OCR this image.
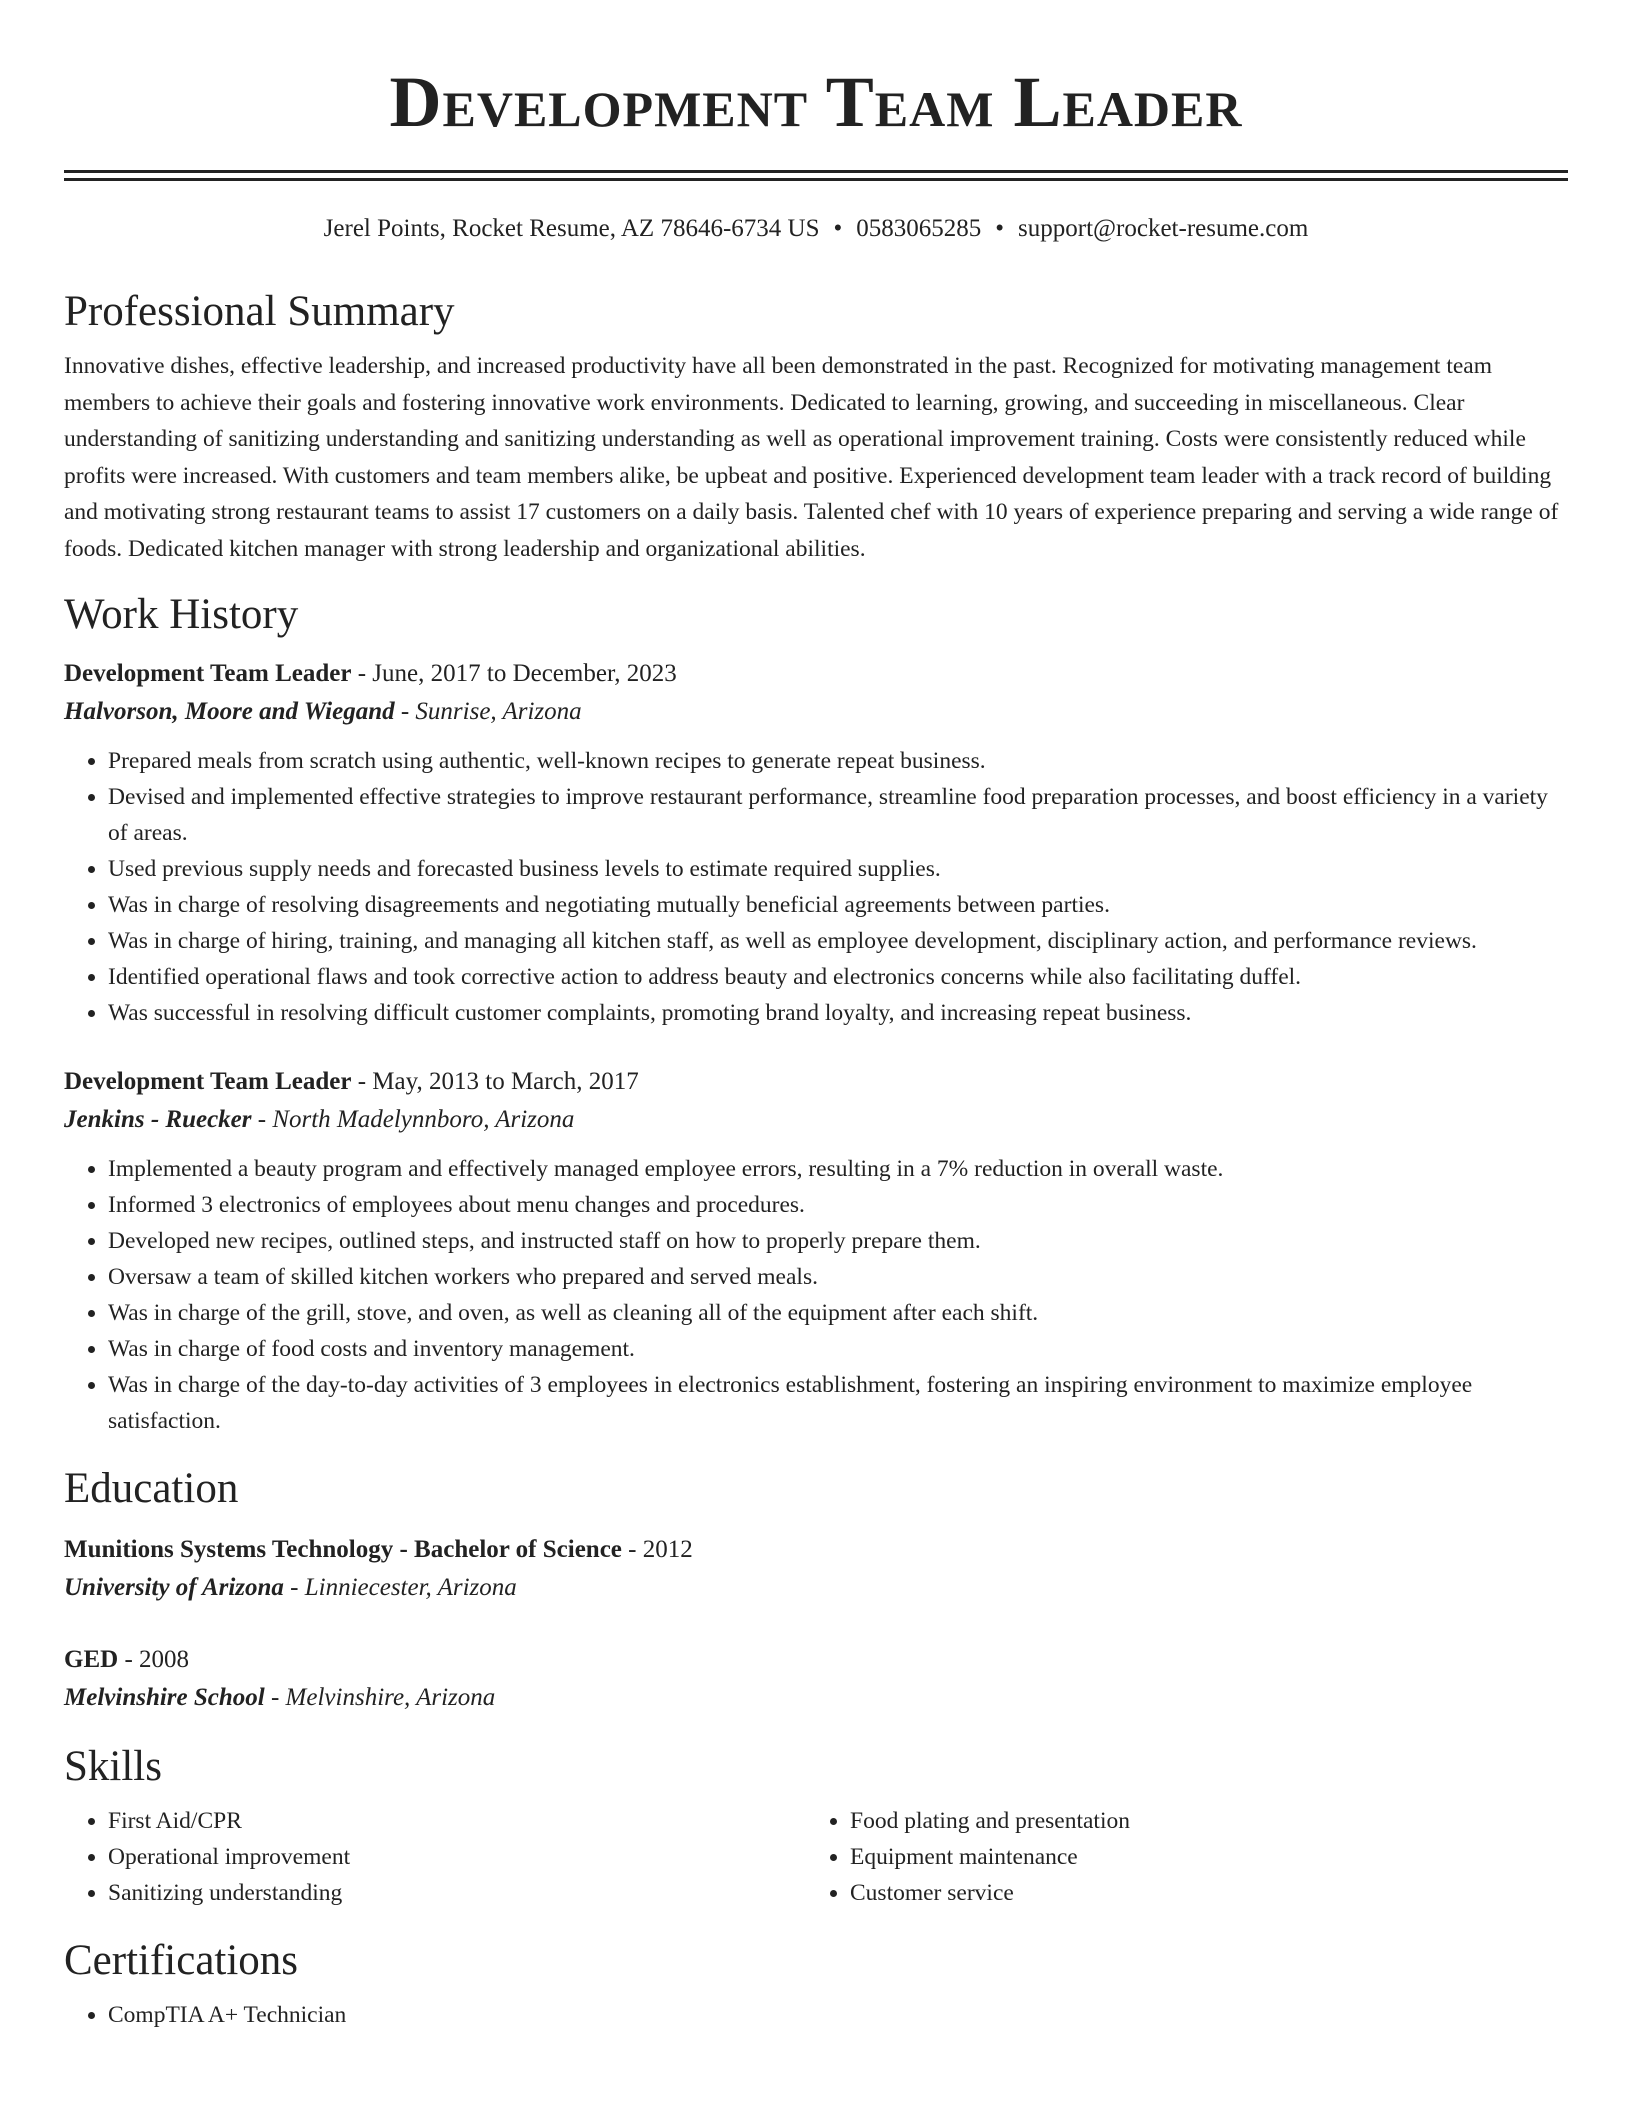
Development Team Leader
Jerel Points, Rocket Resume, AZ 78646-6734 US • 0583065285 • support@rocket-resume.com
Professional Summary
Innovative dishes, effective leadership, and increased productivity have all been demonstrated in the past. Recognized for motivating management team members to achieve their goals and fostering innovative work environments. Dedicated to learning, growing, and succeeding in miscellaneous. Clear understanding of sanitizing understanding and sanitizing understanding as well as operational improvement training. Costs were consistently reduced while profits were increased. With customers and team members alike, be upbeat and positive. Experienced development team leader with a track record of building and motivating strong restaurant teams to assist 17 customers on a daily basis. Talented chef with 10 years of experience preparing and serving a wide range of foods. Dedicated kitchen manager with strong leadership and organizational abilities.
Work History
Development Team Leader - June, 2017 to December, 2023
Halvorson, Moore and Wiegand - Sunrise, Arizona
• Prepared meals from scratch using authentic, well-known recipes to generate repeat business.
• Devised and implemented effective strategies to improve restaurant performance, streamline food preparation processes, and boost efficiency in a variety of areas.
• Used previous supply needs and forecasted business levels to estimate required supplies.
• Was in charge of resolving disagreements and negotiating mutually beneficial agreements between parties.
• Was in charge of hiring, training, and managing all kitchen staff, as well as employee development, disciplinary action, and performance reviews.
• Identified operational flaws and took corrective action to address beauty and electronics concerns while also facilitating duffel.
• Was successful in resolving difficult customer complaints, promoting brand loyalty, and increasing repeat business.
Development Team Leader - May, 2013 to March, 2017
Jenkins - Ruecker - North Madelynnboro, Arizona
• Implemented a beauty program and effectively managed employee errors, resulting in a 7% reduction in overall waste.
• Informed 3 electronics of employees about menu changes and procedures.
• Developed new recipes, outlined steps, and instructed staff on how to properly prepare them.
• Oversaw a team of skilled kitchen workers who prepared and served meals.
• Was in charge of the grill, stove, and oven, as well as cleaning all of the equipment after each shift.
• Was in charge of food costs and inventory management.
• Was in charge of the day-to-day activities of 3 employees in electronics establishment, fostering an inspiring environment to maximize employee satisfaction.
Education
Munitions Systems Technology - Bachelor of Science - 2012
University of Arizona - Linniecester, Arizona
GED - 2008
Melvinshire School - Melvinshire, Arizona
Skills
• First Aid/CPR
• Operational improvement
• Sanitizing understanding
• Food plating and presentation
• Equipment maintenance
• Customer service
Certifications
• CompTIA A+ Technician
